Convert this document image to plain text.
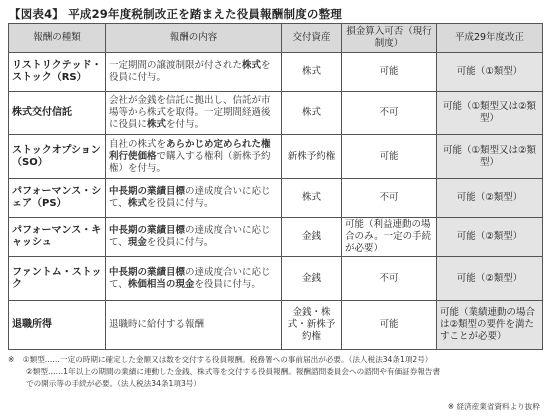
【図表4】 平成29年度税制改正を踏まえた役員報酬制度の整理
報酬の種類	報酬の内容	交付資産	損金算入可否（現行制度）	平成29年度改正
リストリクテッド・ストック（RS）	一定期間の譲渡制限が付された株式を役員に付与。	株式	可能	可能（①類型）
株式交付信託	会社が金銭を信託に拠出し、信託が市場等から株式を取得。一定期間経過後に役員に株式を付与。	株式	不可	可能（①類型又は②類型）
ストックオプション（SO）	自社の株式をあらかじめ定められた権利行使価格で購入する権利（新株予約権）を付与。	新株予約権	可能	可能（①類型又は②類型）
パフォーマンス・シェア（PS）	中長期の業績目標の達成度合いに応じて、株式を役員に付与。	株式	不可	可能（②類型）
パフォーマンス・キャッシュ	中長期の業績目標の達成度合いに応じて、現金を役員に付与。	金銭	可能（利益連動の場合のみ。一定の手続が必要）	可能（②類型）
ファントム・ストック	中長期の業績目標の達成度合いに応じて、株価相当の現金を役員に付与。	金銭	不可	可能（②類型）
退職所得	退職時に給付する報酬	金銭・株式・新株予約権	可能	可能（業績連動の場合は②類型の要件を満たすことが必要）
※ ①類型……一定の時期に確定した金額又は数を交付する役員報酬。税務署への事前届出が必要。（法人税法34条1項2号）
②類型……1年以上の期間の業績に連動した金銭、株式等を交付する役員報酬。報酬諮問委員会への諮問や有価証券報告書
での開示等の手続が必要。（法人税法34条1項3号）
※ 経済産業省資料より抜粋
